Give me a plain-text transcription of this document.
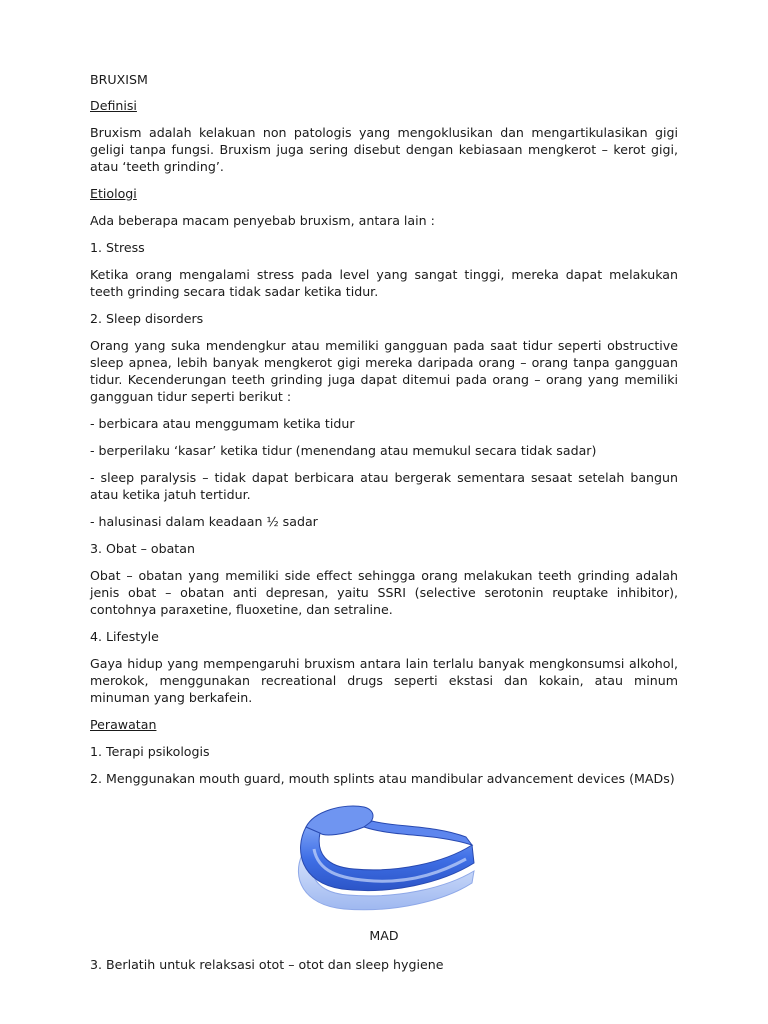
BRUXISM

Definisi

Bruxism adalah kelakuan non patologis yang mengoklusikan dan mengartikulasikan gigi geligi tanpa fungsi. Bruxism juga sering disebut dengan kebiasaan mengkerot – kerot gigi, atau ‘teeth grinding’.

Etiologi

Ada beberapa macam penyebab bruxism, antara lain :

1. Stress

Ketika orang mengalami stress pada level yang sangat tinggi, mereka dapat melakukan teeth grinding secara tidak sadar ketika tidur.

2. Sleep disorders

Orang yang suka mendengkur atau memiliki gangguan pada saat tidur seperti obstructive sleep apnea, lebih banyak mengkerot gigi mereka daripada orang – orang tanpa gangguan tidur. Kecenderungan teeth grinding juga dapat ditemui pada orang – orang yang memiliki gangguan tidur seperti berikut :

- berbicara atau menggumam ketika tidur

- berperilaku ‘kasar’ ketika tidur (menendang atau memukul secara tidak sadar)

- sleep paralysis – tidak dapat berbicara atau bergerak sementara sesaat setelah bangun atau ketika jatuh tertidur.

- halusinasi dalam keadaan ½ sadar

3. Obat – obatan

Obat – obatan yang memiliki side effect sehingga orang melakukan teeth grinding adalah jenis obat – obatan anti depresan, yaitu SSRI (selective serotonin reuptake inhibitor), contohnya paraxetine, fluoxetine, dan setraline.

4. Lifestyle

Gaya hidup yang mempengaruhi bruxism antara lain terlalu banyak mengkonsumsi alkohol, merokok, menggunakan recreational drugs seperti ekstasi dan kokain, atau minum minuman yang berkafein.

Perawatan

1. Terapi psikologis

2. Menggunakan mouth guard, mouth splints atau mandibular advancement devices (MADs)

MAD

3. Berlatih untuk relaksasi otot – otot dan sleep hygiene
